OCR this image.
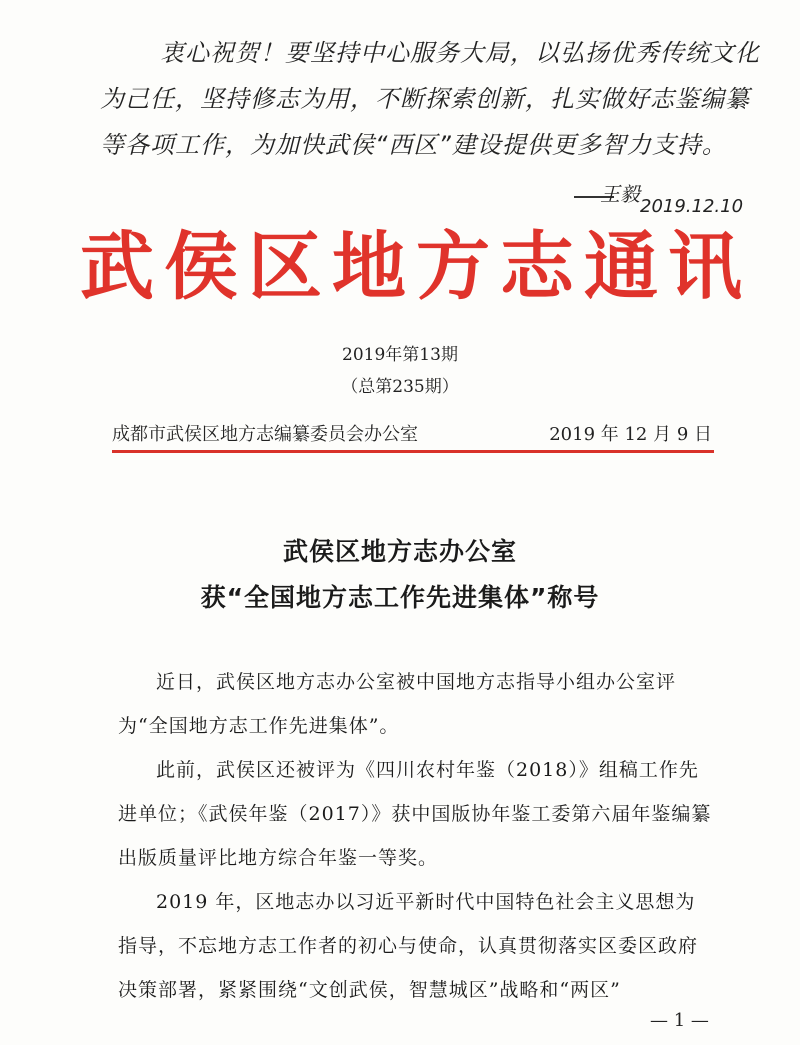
衷心祝贺！要坚持中心服务大局，以弘扬优秀传统文化
为己任，坚持修志为用，不断探索创新，扎实做好志鉴编纂
等各项工作，为加快武侯“西区”建设提供更多智力支持。
王毅
2019.12.10
武侯区地方志通讯
2019年第13期
（总第235期）
成都市武侯区地方志编纂委员会办公室	2019 年 12 月 9 日
武侯区地方志办公室
获“全国地方志工作先进集体”称号

近日，武侯区地方志办公室被中国地方志指导小组办公室评为“全国地方志工作先进集体”。

此前，武侯区还被评为《四川农村年鉴（2018）》组稿工作先进单位；《武侯年鉴（2017）》获中国版协年鉴工委第六届年鉴编纂出版质量评比地方综合年鉴一等奖。

2019 年，区地志办以习近平新时代中国特色社会主义思想为指导，不忘地方志工作者的初心与使命，认真贯彻落实区委区政府决策部署，紧紧围绕“文创武侯，智慧城区”战略和“两区”

— 1 —
